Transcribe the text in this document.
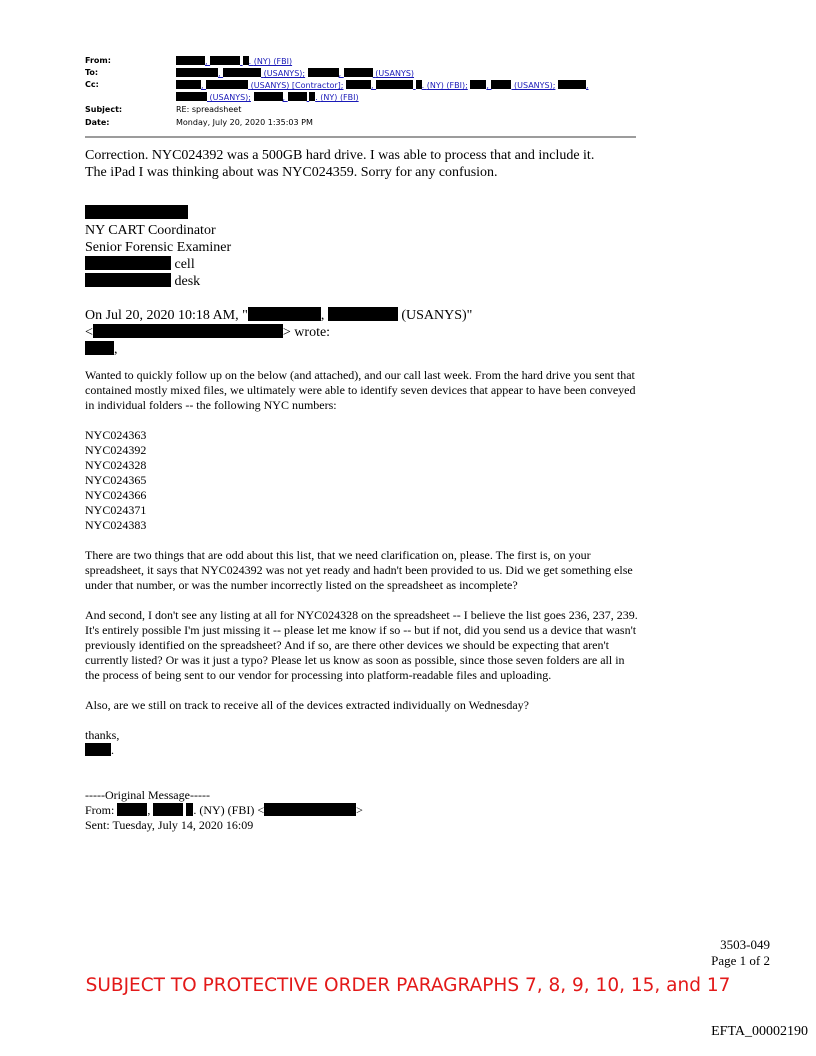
From:	,	. (NY) (FBI)
To:	,	(USANYS);	,	(USANYS)
Cc:	,	(USANYS) [Contractor];	,	. (NY) (FBI); ,	(USANYS);	,
(USANYS);	,	. (NY) (FBI)
Subject:	RE: spreadsheet
Date:	Monday, July 20, 2020 1:35:03 PM

Correction. NYC024392 was a 500GB hard drive. I was able to process that and include it.

The iPad I was thinking about was NYC024359. Sorry for any confusion.

NY CART Coordinator

Senior Forensic Examiner

cell

desk

On Jul 20, 2020 10:18 AM, "	,	(USANYS)"

<	> wrote:

,

Wanted to quickly follow up on the below (and attached), and our call last week. From the hard drive you sent that contained mostly mixed files, we ultimately were able to identify seven devices that appear to have been conveyed in individual folders -- the following NYC numbers:

NYC024363

NYC024392

NYC024328

NYC024365

NYC024366

NYC024371

NYC024383

There are two things that are odd about this list, that we need clarification on, please. The first is, on your spreadsheet, it says that NYC024392 was not yet ready and hadn't been provided to us. Did we get something else under that number, or was the number incorrectly listed on the spreadsheet as incomplete?

And second, I don't see any listing at all for NYC024328 on the spreadsheet -- I believe the list goes 236, 237, 239. It's entirely possible I'm just missing it -- please let me know if so -- but if not, did you send us a device that wasn't previously identified on the spreadsheet? And if so, are there other devices we should be expecting that aren't currently listed? Or was it just a typo? Please let us know as soon as possible, since those seven folders are all in the process of being sent to our vendor for processing into platform-readable files and uploading.

Also, are we still on track to receive all of the devices extracted individually on Wednesday?

thanks,

.

-----Original Message-----

From:	,	. (NY) (FBI) <	>

Sent: Tuesday, July 14, 2020 16:09

3503-049
Page 1 of 2
SUBJECT TO PROTECTIVE ORDER PARAGRAPHS 7, 8, 9, 10, 15, and 17
EFTA_00002190
